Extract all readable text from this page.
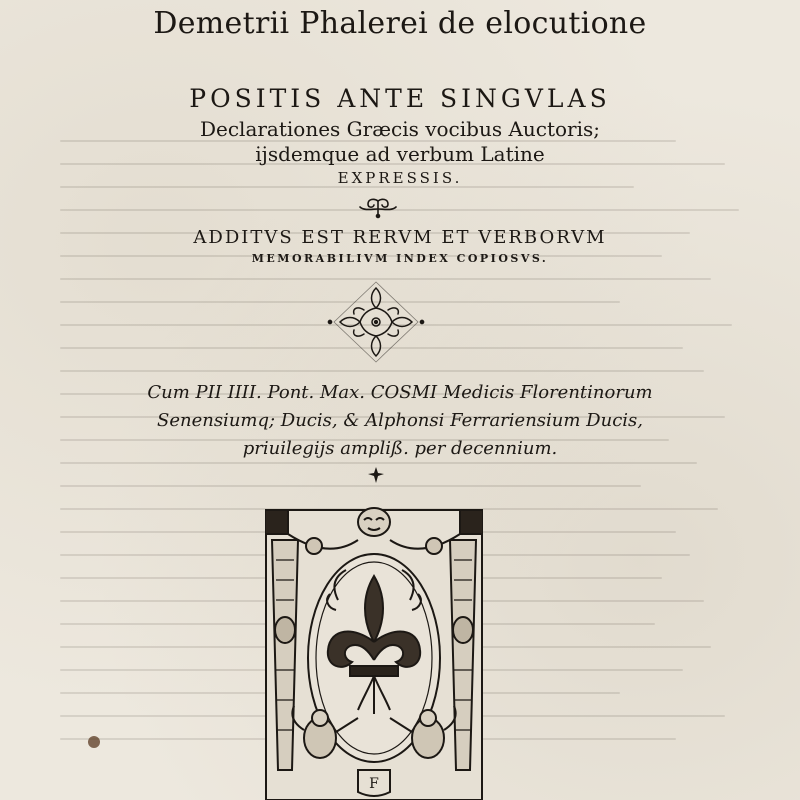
Demetrii Phalerei de elocutione
POSITIS ANTE SINGVLAS
Declarationes Græcis vocibus Auctoris;
ijsdemque ad verbum Latine
EXPRESSIS.
ADDITVS EST RERVM ET VERBORVM
MEMORABILIVM INDEX COPIOSVS.
Cum PII IIII. Pont. Max. COSMI Medicis Florentinorum
Senensiumq; Ducis, & Alphonsi Ferrariensium Ducis,
priuilegijs ampliß. per decennium.
F
